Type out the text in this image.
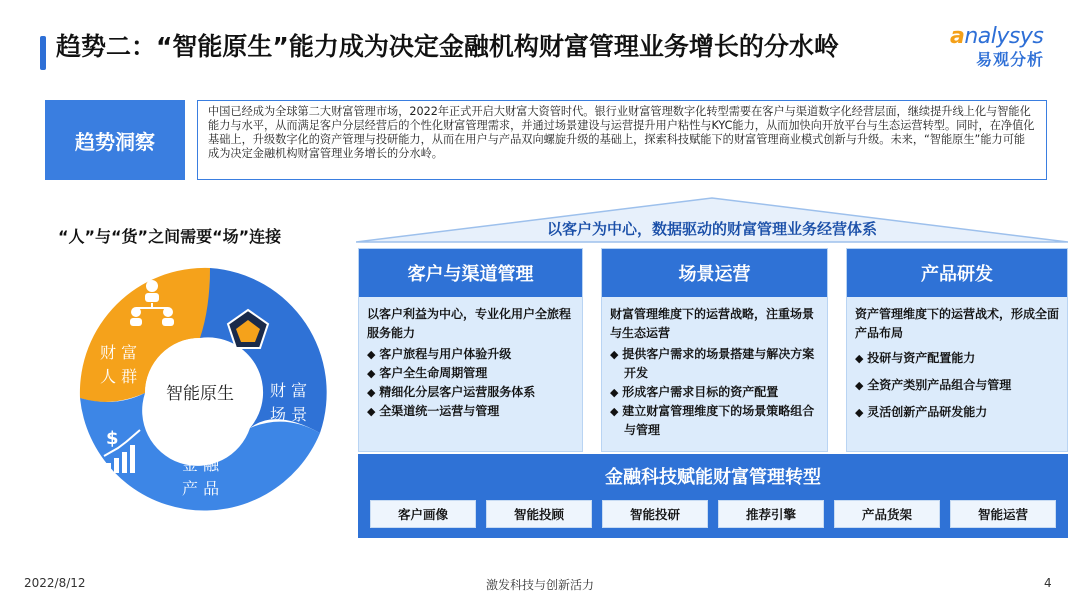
趋势二：“智能原生”能力成为决定金融机构财富管理业务增长的分水岭	analysys
易观分析
趋势洞察
中国已经成为全球第二大财富管理市场，2022年正式开启大财富大资管时代。银行业财富管理数字化转型需要在客户与渠道数字化经营层面，继续提升线上化与智能化能力与水平，从而满足客户分层经营后的个性化财富管理需求，并通过场景建设与运营提升用户粘性与KYC能力，从而加快向开放平台与生态运营转型。同时，在净值化基础上，升级数字化的资产管理与投研能力，从而在用户与产品双向螺旋升级的基础上，探索科技赋能下的财富管理商业模式创新与升级。未来，“智能原生”能力可能成为决定金融机构财富管理业务增长的分水岭。
“人”与“货”之间需要“场”连接
智能原生
财 富
人 群
财 富
场 景
$
金 融
产 品
以客户为中心，数据驱动的财富管理业务经营体系
客户与渠道管理
以客户利益为中心，专业化用户全旅程服务能力
◆ 客户旅程与用户体验升级
◆ 客户全生命周期管理
◆ 精细化分层客户运营服务体系
◆ 全渠道统一运营与管理
场景运营
财富管理维度下的运营战略，注重场景与生态运营
◆ 提供客户需求的场景搭建与解决方案开发
◆ 形成客户需求目标的资产配置
◆ 建立财富管理维度下的场景策略组合与管理
产品研发
资产管理维度下的运营战术，形成全面产品布局
◆ 投研与资产配置能力
◆ 全资产类别产品组合与管理
◆ 灵活创新产品研发能力
金融科技赋能财富管理转型
客户画像	智能投顾	智能投研	推荐引擎	产品货架	智能运营
2022/8/12	激发科技与创新活力	4
